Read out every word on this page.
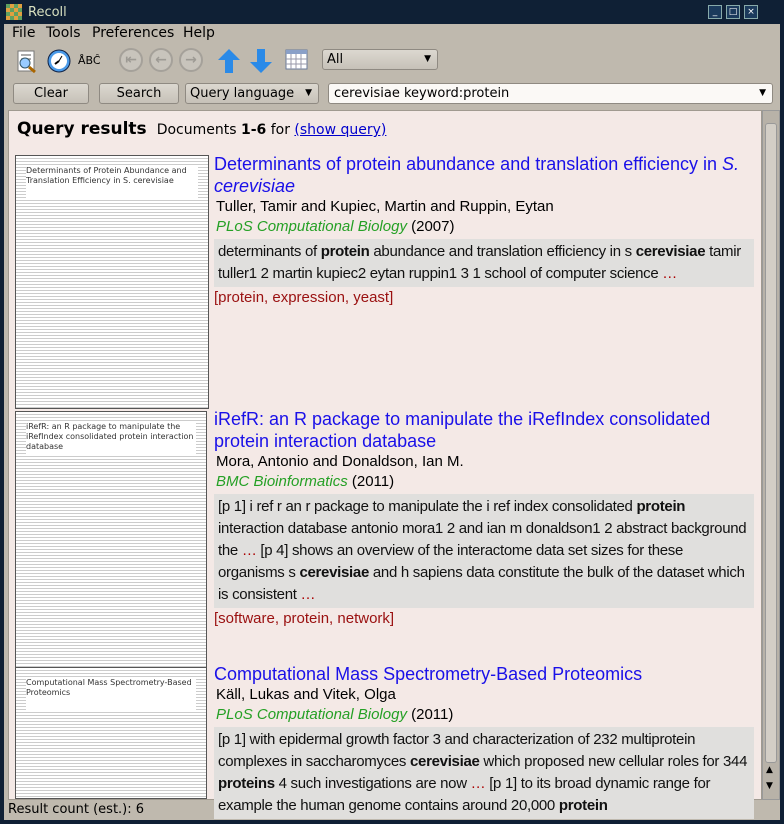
Recoll	_	□	×
File Tools Preferences Help
ÅBĈ	⇤	←	→	All	▼
Clear	Search	Query language ▼	cerevisiae keyword:protein	▼
Query results Documents 1-6 for (show query)
Determinants of Protein Abundance and Translation Efficiency in S. cerevisiae
iRefR: an R package to manipulate the iRefIndex consolidated protein interaction database
Computational Mass Spectrometry-Based Proteomics
Determinants of protein abundance and translation efficiency in S. cerevisiae
Tuller, Tamir and Kupiec, Martin and Ruppin, Eytan
PLoS Computational Biology (2007)
determinants of protein abundance and translation efficiency in s cerevisiae tamir tuller1 2 martin kupiec2 eytan ruppin1 3 1 school of computer science …
[protein, expression, yeast]
iRefR: an R package to manipulate the iRefIndex consolidated protein interaction database
Mora, Antonio and Donaldson, Ian M.
BMC Bioinformatics (2011)
[p 1] i ref r an r package to manipulate the i ref index consolidated protein interaction database antonio mora1 2 and ian m donaldson1 2 abstract background the … [p 4] shows an overview of the interactome data set sizes for these organisms s cerevisiae and h sapiens data constitute the bulk of the dataset which is consistent …
[software, protein, network]
Computational Mass Spectrometry-Based Proteomics
Käll, Lukas and Vitek, Olga
PLoS Computational Biology (2011)
[p 1] with epidermal growth factor 3 and characterization of 232 multiprotein complexes in saccharomyces cerevisiae which proposed new cellular roles for 344 proteins 4 such investigations are now … [p 1] to its broad dynamic range for example the human genome contains around 20,000 protein
▲
▼
Result count (est.): 6
